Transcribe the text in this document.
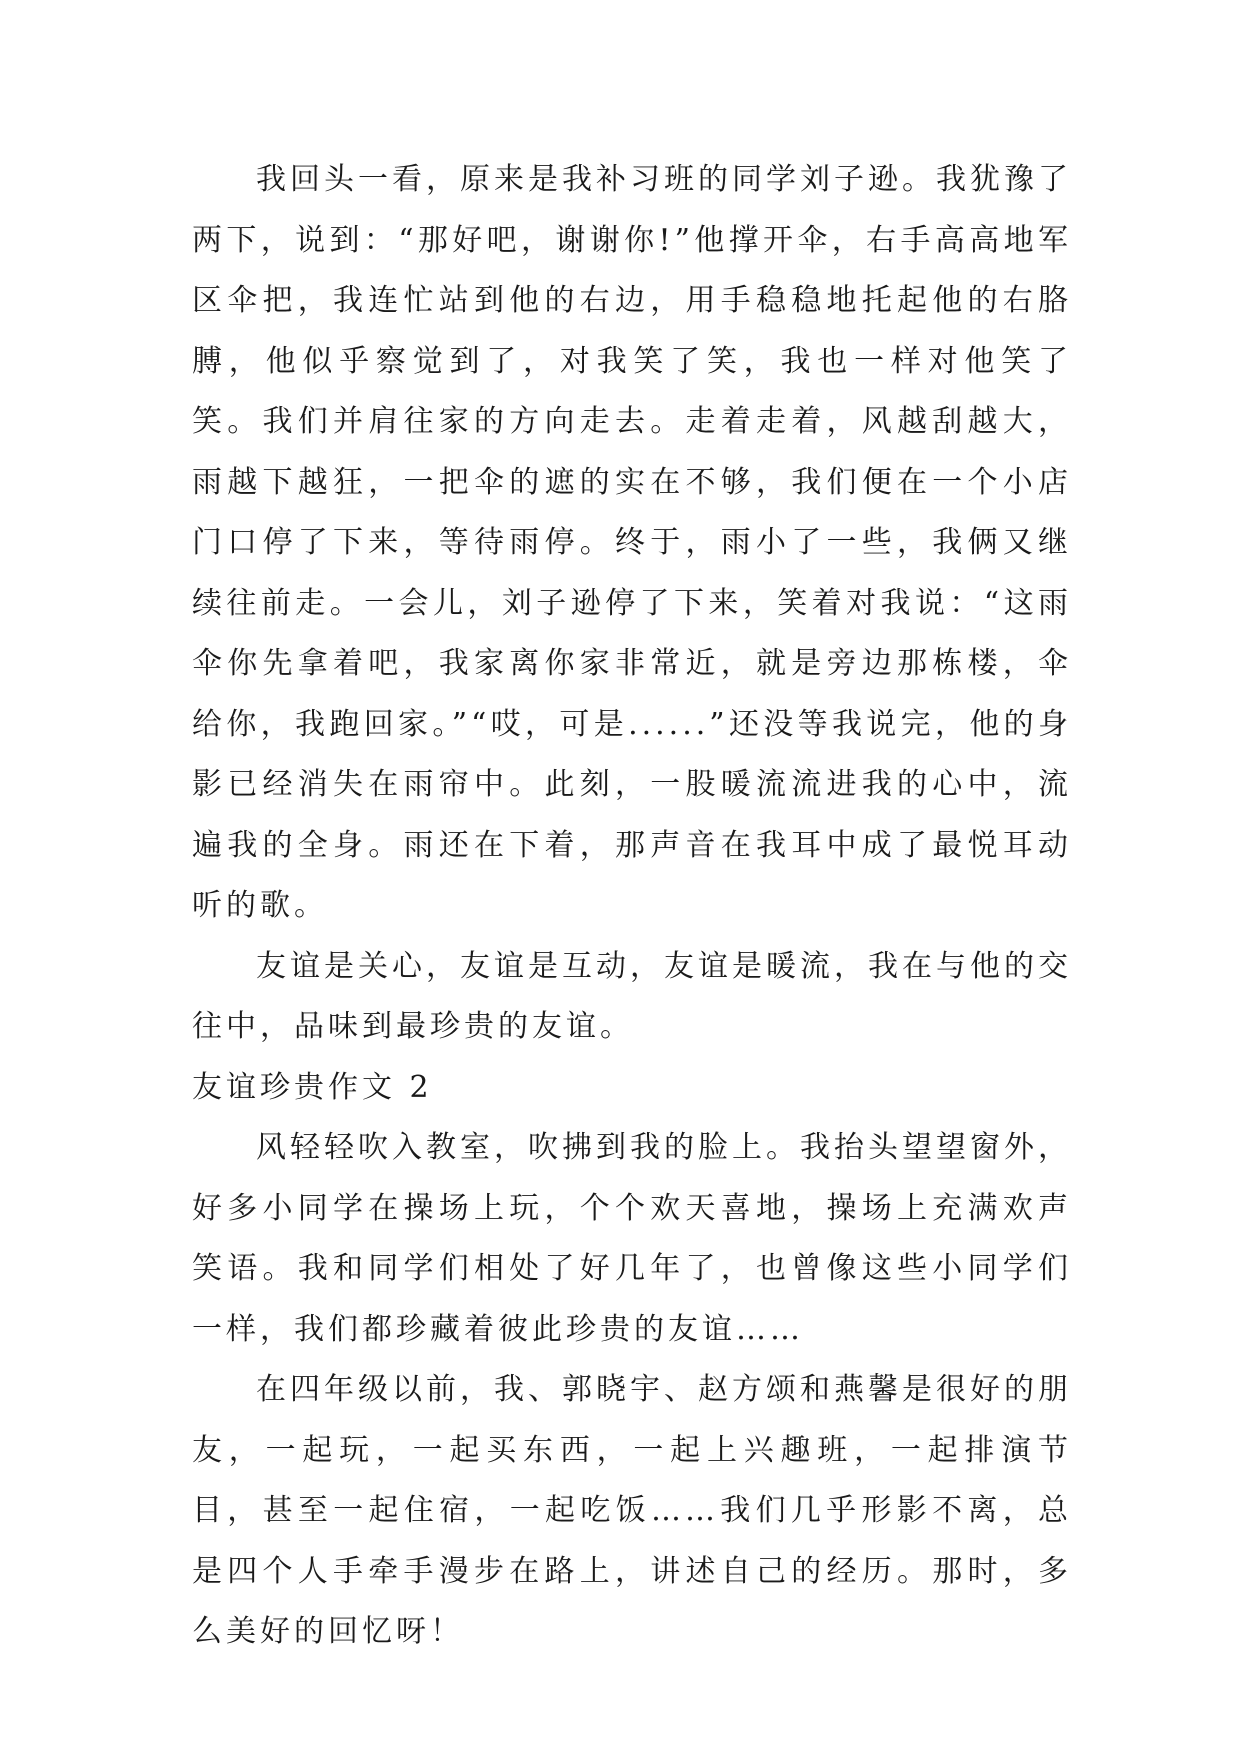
我回头一看，原来是我补习班的同学刘子逊。我犹豫了两下，说到：“那好吧，谢谢你!”他撑开伞，右手高高地军区伞把，我连忙站到他的右边，用手稳稳地托起他的右胳膊，他似乎察觉到了，对我笑了笑，我也一样对他笑了笑。我们并肩往家的方向走去。走着走着，风越刮越大，雨越下越狂，一把伞的遮的实在不够，我们便在一个小店门口停了下来，等待雨停。终于，雨小了一些，我俩又继续往前走。一会儿，刘子逊停了下来，笑着对我说：“这雨伞你先拿着吧，我家离你家非常近，就是旁边那栋楼，伞给你，我跑回家。”“哎，可是......”还没等我说完，他的身影已经消失在雨帘中。此刻，一股暖流流进我的心中，流遍我的全身。雨还在下着，那声音在我耳中成了最悦耳动听的歌。

友谊是关心，友谊是互动，友谊是暖流，我在与他的交往中，品味到最珍贵的友谊。

友谊珍贵作文 2

风轻轻吹入教室，吹拂到我的脸上。我抬头望望窗外，好多小同学在操场上玩，个个欢天喜地，操场上充满欢声笑语。我和同学们相处了好几年了，也曾像这些小同学们一样，我们都珍藏着彼此珍贵的友谊……

在四年级以前，我、郭晓宇、赵方颂和燕馨是很好的朋友，一起玩，一起买东西，一起上兴趣班，一起排演节目，甚至一起住宿，一起吃饭……我们几乎形影不离，总是四个人手牵手漫步在路上，讲述自己的经历。那时，多么美好的回忆呀！
